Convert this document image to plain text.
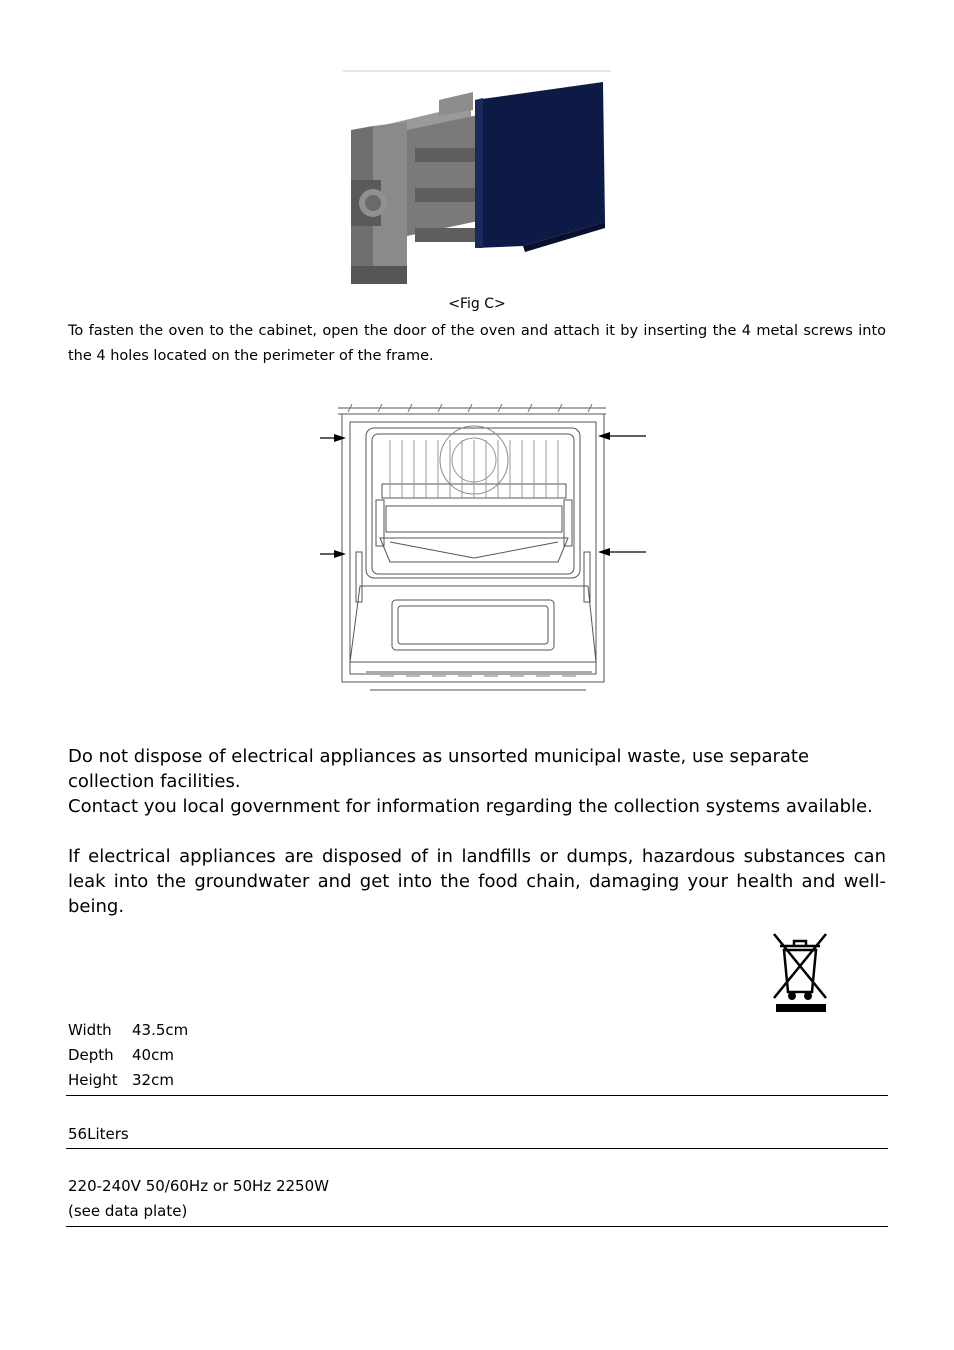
<Fig C>
To fasten the oven to the cabinet, open the door of the oven and attach it by inserting the 4 metal screws into the 4 holes located on the perimeter of the frame.
Do not dispose of electrical appliances as unsorted municipal waste, use separate collection facilities.
Contact you local government for information regarding the collection systems available.
If electrical appliances are disposed of in landfills or dumps, hazardous substances can leak into the groundwater and get into the food chain, damaging your health and well-being.
Width 43.5cm
Depth 40cm
Height 32cm
56Liters
220-240V 50/60Hz or 50Hz 2250W
(see data plate)
